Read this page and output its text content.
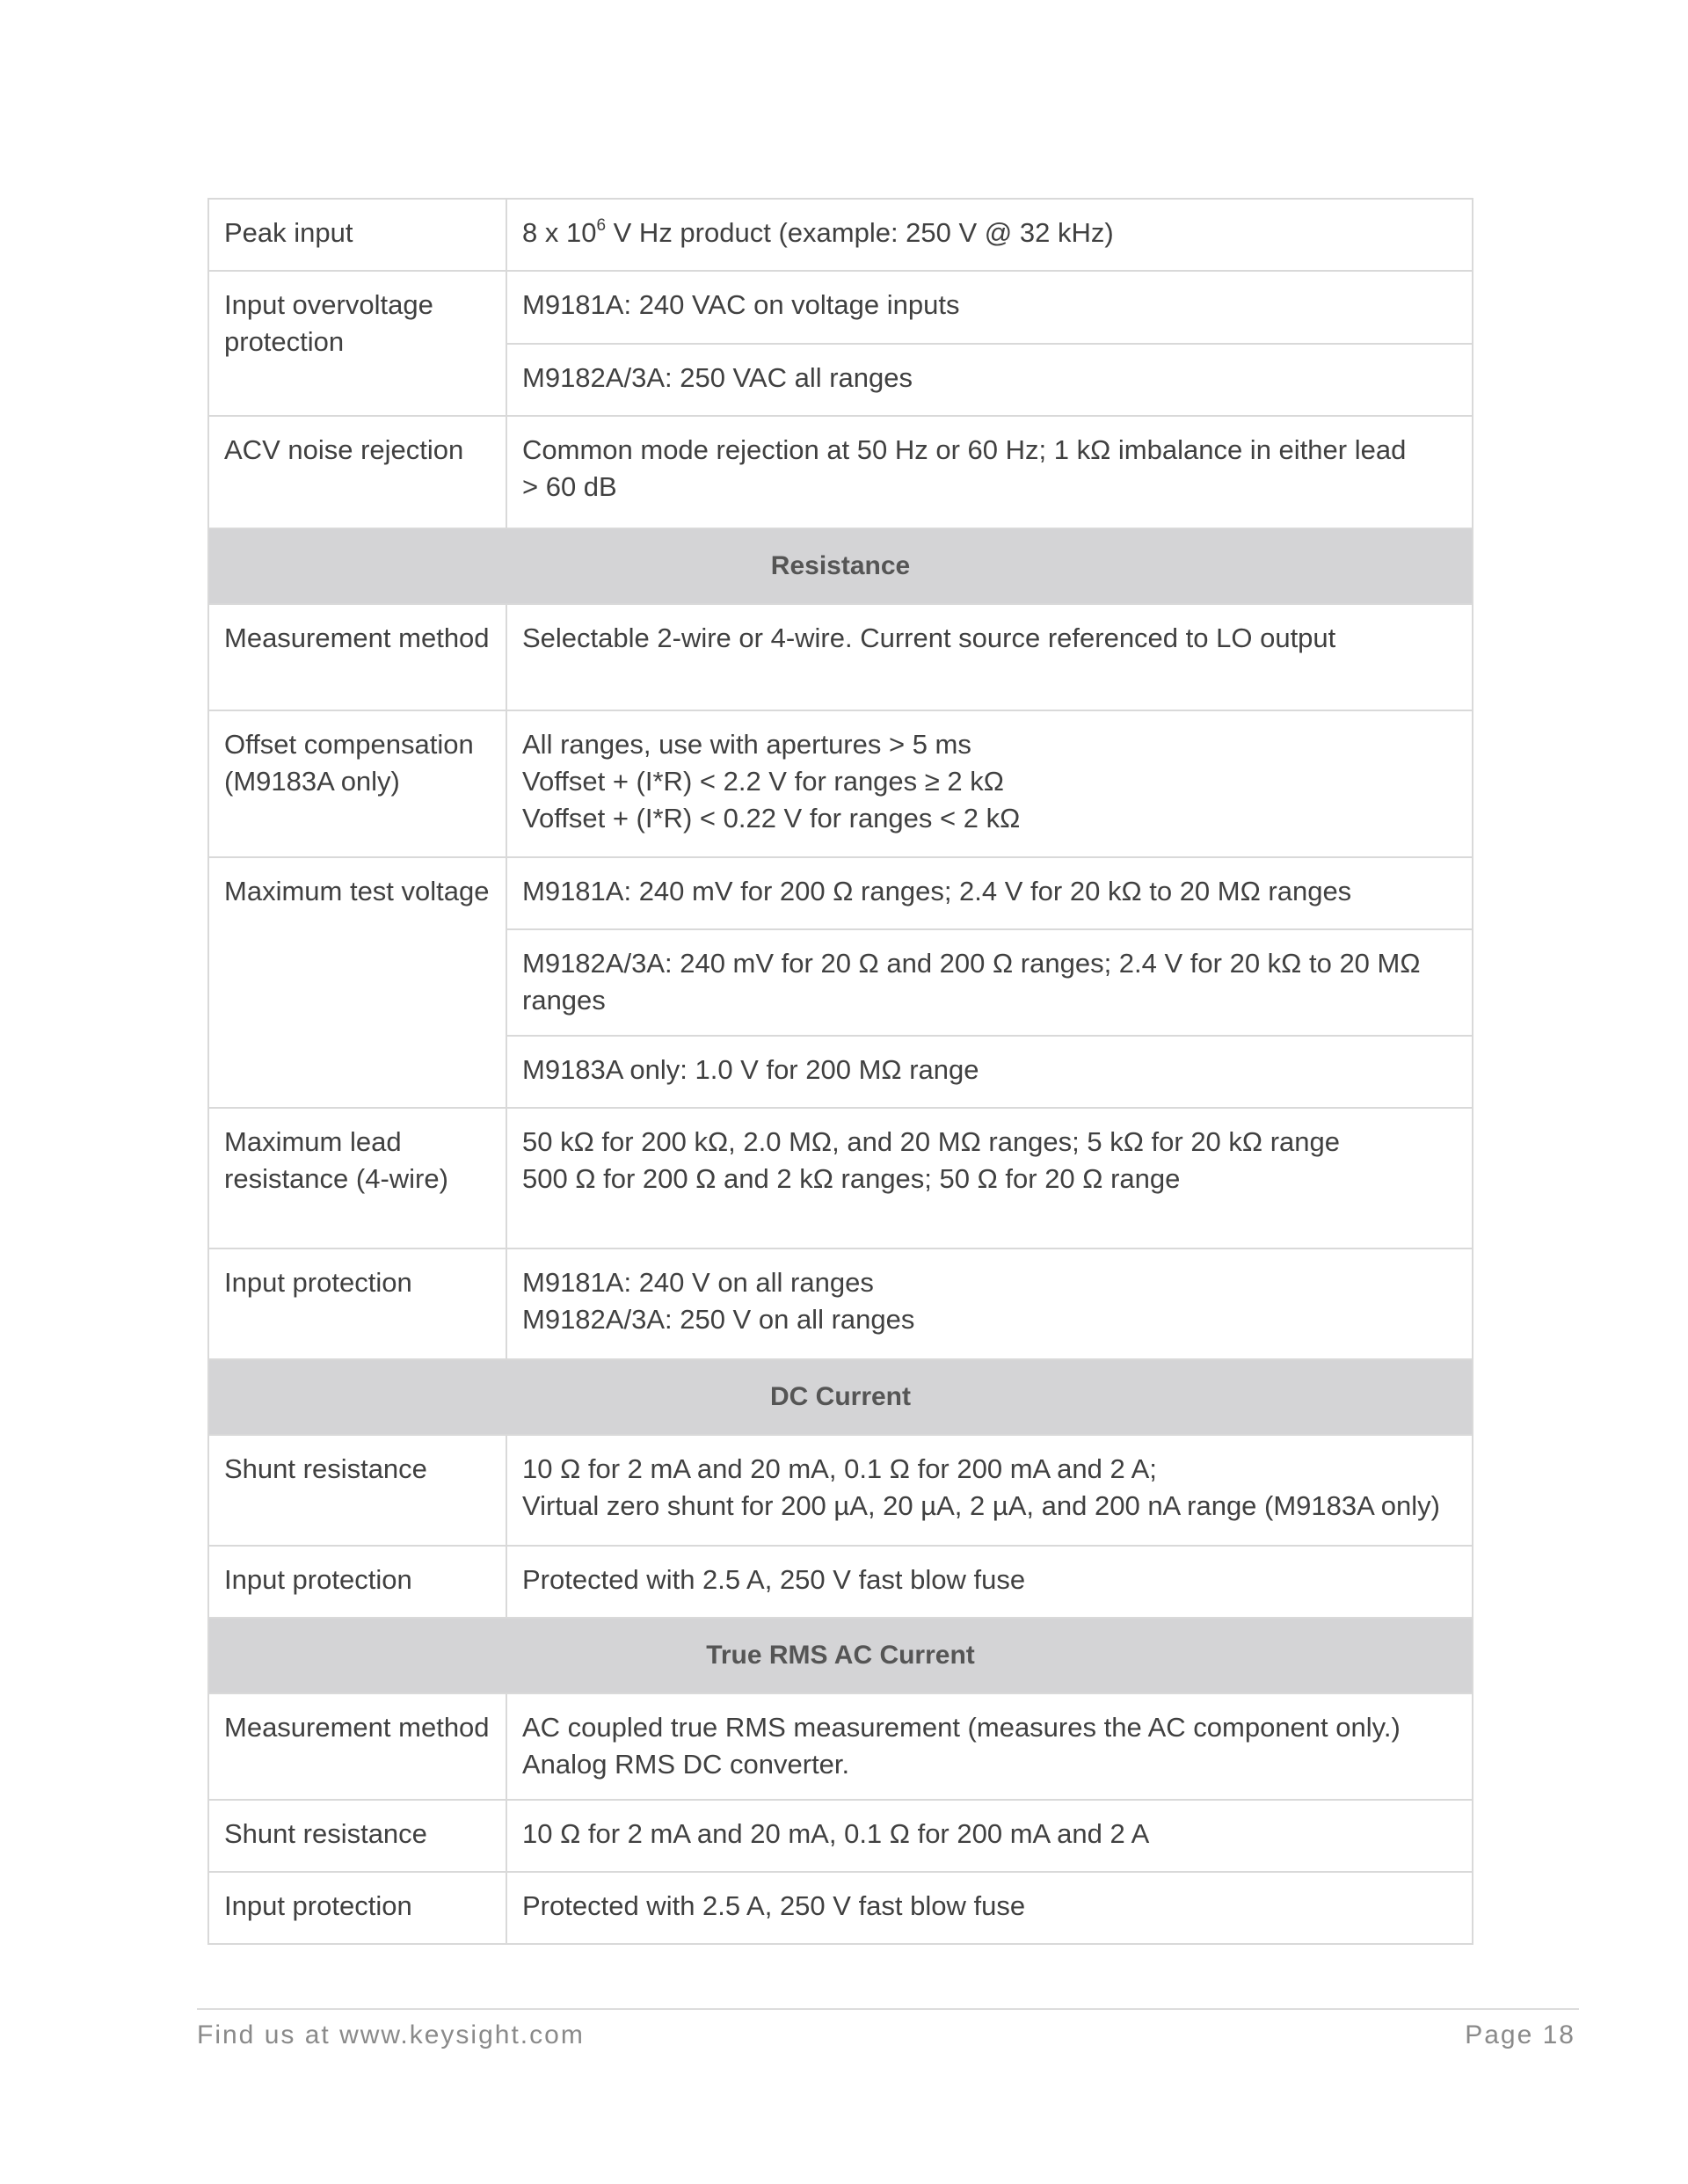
Peak input	8 x $10^6$ V Hz product (example: 250 V @ 32 kHz)

Input overvoltage protection	M9181A: 240 VAC on voltage inputs

	M9182A/3A: 250 VAC all ranges

ACV noise rejection	Common mode rejection at 50 Hz or 60 Hz; 1 kΩ imbalance in either lead
> 60 dB

Resistance	

Measurement method	Selectable 2-wire or 4-wire. Current source referenced to LO output

Offset compensation (M9183A only)	All ranges, use with apertures > 5 ms
Voffset + (I*R) < 2.2 V for ranges ≥ 2 kΩ
Voffset + (I*R) < 0.22 V for ranges < 2 kΩ

Maximum test voltage	M9181A: 240 mV for 200 Ω ranges; 2.4 V for 20 kΩ to 20 MΩ ranges

	M9182A/3A: 240 mV for 20 Ω and 200 Ω ranges; 2.4 V for 20 kΩ to 20 MΩ
ranges

	M9183A only: 1.0 V for 200 MΩ range

Maximum lead resistance (4-wire)	50 kΩ for 200 kΩ, 2.0 MΩ, and 20 MΩ ranges; 5 kΩ for 20 kΩ range
500 Ω for 200 Ω and 2 kΩ ranges; 50 Ω for 20 Ω range

Input protection	M9181A: 240 V on all ranges
M9182A/3A: 250 V on all ranges

DC Current	

Shunt resistance	10 Ω for 2 mA and 20 mA, 0.1 Ω for 200 mA and 2 A;
Virtual zero shunt for 200 µA, 20 µA, 2 µA, and 200 nA range (M9183A only)

Input protection	Protected with 2.5 A, 250 V fast blow fuse

True RMS AC Current	

Measurement method	AC coupled true RMS measurement (measures the AC component only.)
Analog RMS DC converter.

Shunt resistance	10 Ω for 2 mA and 20 mA, 0.1 Ω for 200 mA and 2 A

Input protection	Protected with 2.5 A, 250 V fast blow fuse
Find us at www.keysight.com	Page 18
